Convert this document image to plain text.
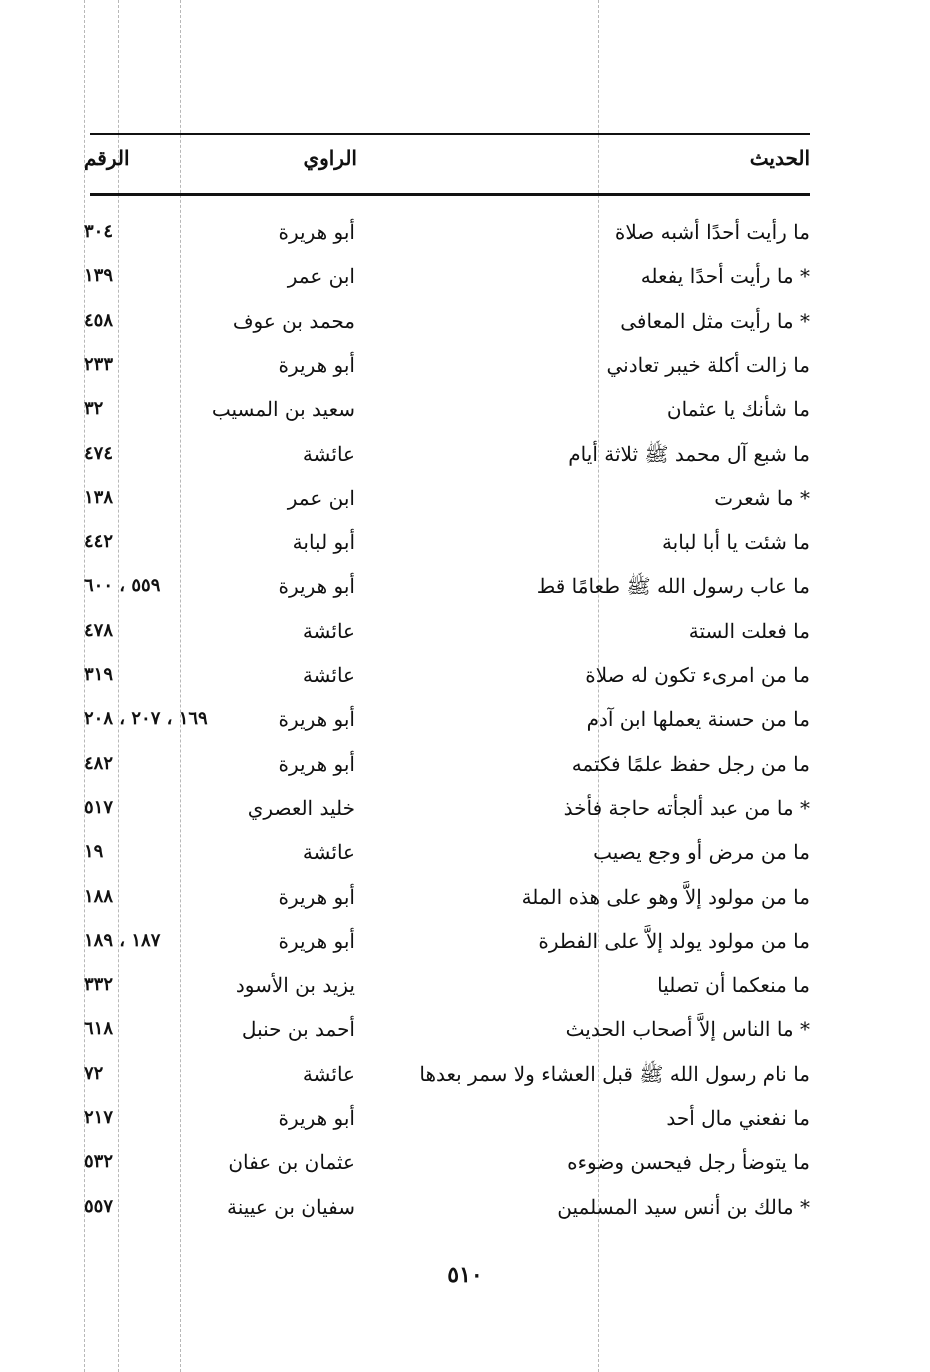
الحديث
الراوي
الرقم
ما رأيت أحدًا أشبه صلاة
أبو هريرة
٣٠٤
* ما رأيت أحدًا يفعله
ابن عمر
١٣٩
* ما رأيت مثل المعافى
محمد بن عوف
٤٥٨
ما زالت أكلة خيبر تعادني
أبو هريرة
٢٣٣
ما شأنك يا عثمان
سعيد بن المسيب
٣٢
ما شبع آل محمد ﷺ ثلاثة أيام
عائشة
٤٧٤
* ما شعرت
ابن عمر
١٣٨
ما شئت يا أبا لبابة
أبو لبابة
٤٤٢
ما عاب رسول الله ﷺ طعامًا قط
أبو هريرة
٥٥٩ ، ٦٠٠
ما فعلت الستة
عائشة
٤٧٨
ما من امرىء تكون له صلاة
عائشة
٣١٩
ما من حسنة يعملها ابن آدم
أبو هريرة
١٦٩ ، ٢٠٧ ، ٢٠٨
ما من رجل حفظ علمًا فكتمه
أبو هريرة
٤٨٢
* ما من عبد ألجأته حاجة فأخذ
خليد العصري
٥١٧
ما من مرض أو وجع يصيب
عائشة
١٩
ما من مولود إلاَّ وهو على هذه الملة
أبو هريرة
١٨٨
ما من مولود يولد إلاَّ على الفطرة
أبو هريرة
١٨٧ ، ١٨٩
ما منعكما أن تصليا
يزيد بن الأسود
٣٣٢
* ما الناس إلاَّ أصحاب الحديث
أحمد بن حنبل
٦١٨
ما نام رسول الله ﷺ قبل العشاء ولا سمر بعدها
عائشة
٧٢
ما نفعني مال أحد
أبو هريرة
٢١٧
ما يتوضأ رجل فيحسن وضوءه
عثمان بن عفان
٥٣٢
* مالك بن أنس سيد المسلمين
سفيان بن عيينة
٥٥٧
٥١٠
